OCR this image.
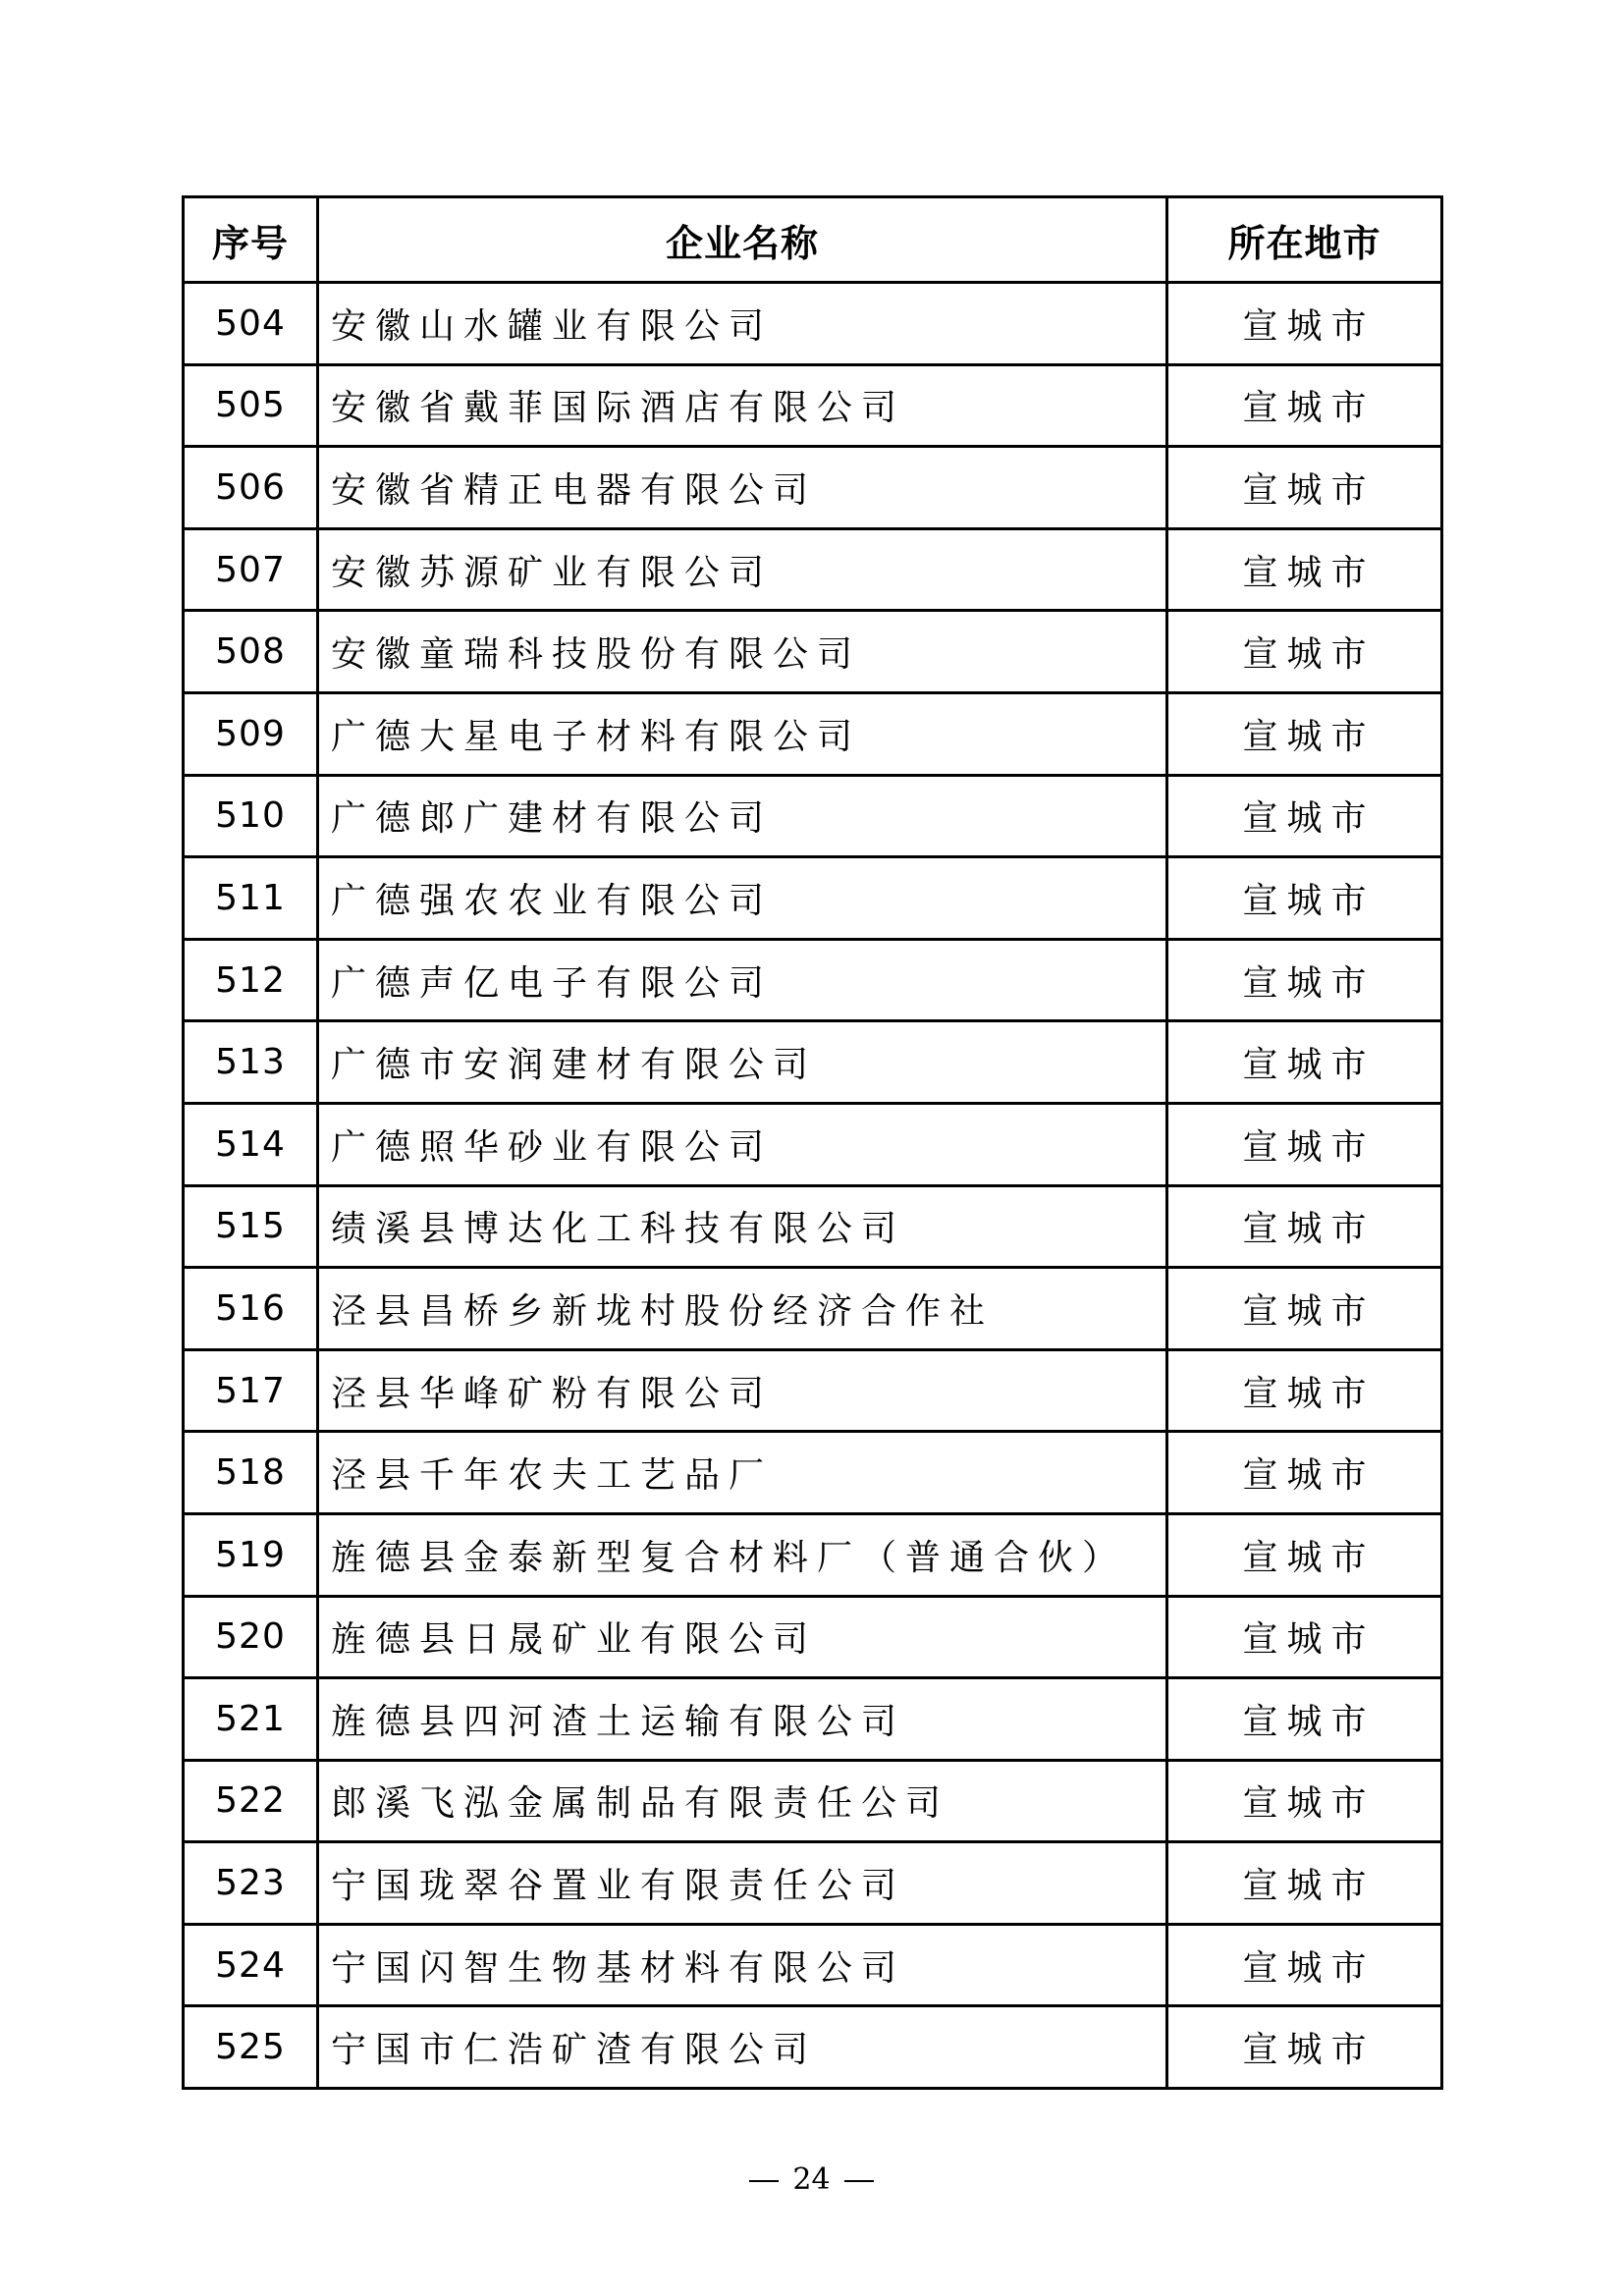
序号	企业名称	所在地市
504	安徽山水罐业有限公司	宣城市
505	安徽省戴菲国际酒店有限公司	宣城市
506	安徽省精正电器有限公司	宣城市
507	安徽苏源矿业有限公司	宣城市
508	安徽童瑞科技股份有限公司	宣城市
509	广德大星电子材料有限公司	宣城市
510	广德郎广建材有限公司	宣城市
511	广德强农农业有限公司	宣城市
512	广德声亿电子有限公司	宣城市
513	广德市安润建材有限公司	宣城市
514	广德照华砂业有限公司	宣城市
515	绩溪县博达化工科技有限公司	宣城市
516	泾县昌桥乡新垅村股份经济合作社	宣城市
517	泾县华峰矿粉有限公司	宣城市
518	泾县千年农夫工艺品厂	宣城市
519	旌德县金泰新型复合材料厂（普通合伙）	宣城市
520	旌德县日晟矿业有限公司	宣城市
521	旌德县四河渣土运输有限公司	宣城市
522	郎溪飞泓金属制品有限责任公司	宣城市
523	宁国珑翠谷置业有限责任公司	宣城市
524	宁国闪智生物基材料有限公司	宣城市
525	宁国市仁浩矿渣有限公司	宣城市
24
